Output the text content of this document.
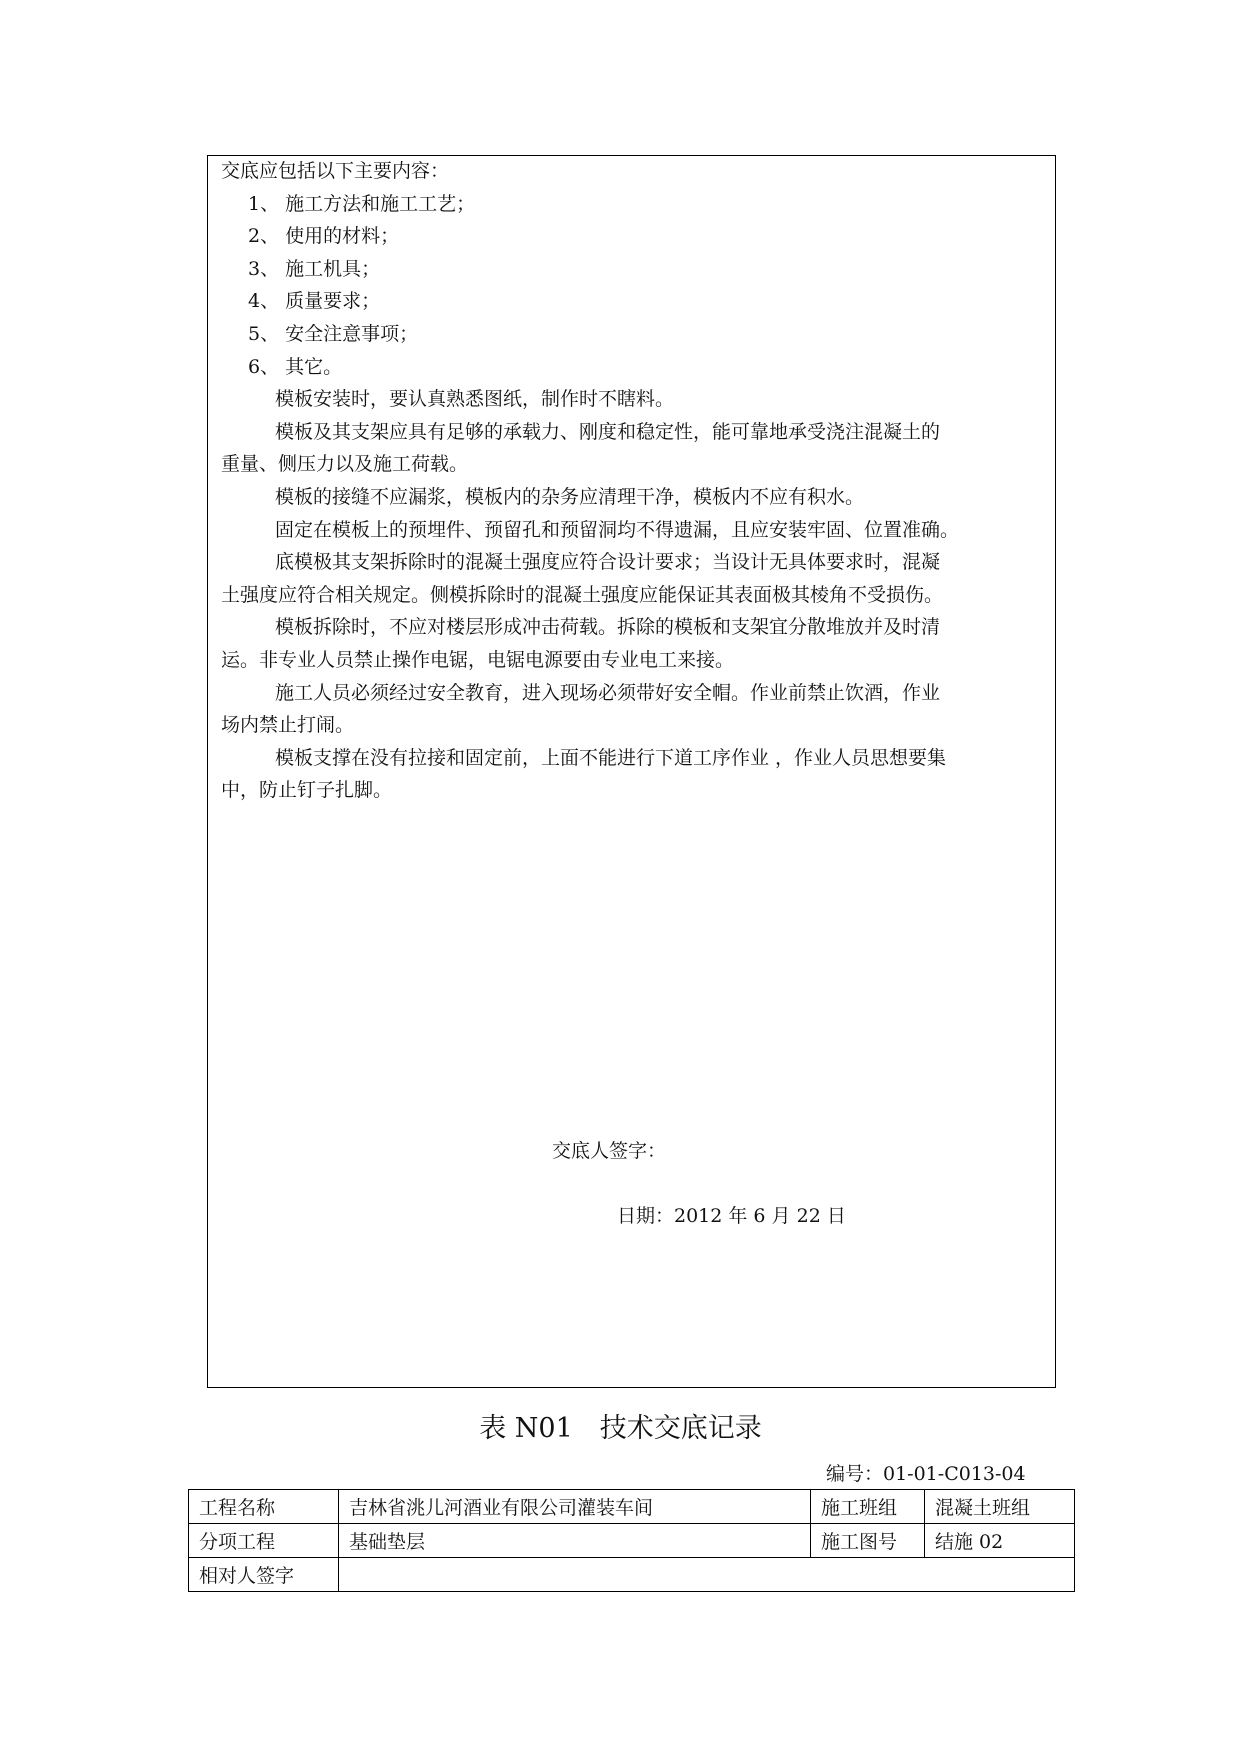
交底应包括以下主要内容：
1、 施工方法和施工工艺；
2、 使用的材料；
3、 施工机具；
4、 质量要求；
5、 安全注意事项；
6、 其它。
模板安装时，要认真熟悉图纸，制作时不瞎料。
模板及其支架应具有足够的承载力、刚度和稳定性，能可靠地承受浇注混凝土的
重量、侧压力以及施工荷载。
模板的接缝不应漏浆，模板内的杂务应清理干净，模板内不应有积水。
固定在模板上的预埋件、预留孔和预留洞均不得遗漏，且应安装牢固、位置准确。
底模极其支架拆除时的混凝土强度应符合设计要求；当设计无具体要求时，混凝
土强度应符合相关规定。侧模拆除时的混凝土强度应能保证其表面极其棱角不受损伤。
模板拆除时，不应对楼层形成冲击荷载。拆除的模板和支架宜分散堆放并及时清
运。非专业人员禁止操作电锯，电锯电源要由专业电工来接。
施工人员必须经过安全教育，进入现场必须带好安全帽。作业前禁止饮酒，作业
场内禁止打闹。
模板支撑在没有拉接和固定前，上面不能进行下道工序作业 ，作业人员思想要集
中，防止钉子扎脚。
交底人签字：
日期：2012 年 6 月 22 日
表 N01　技术交底记录
编号：01-01-C013-04
工程名称	吉林省洮儿河酒业有限公司灌装车间	施工班组	混凝土班组
分项工程	基础垫层	施工图号	结施 02
相对人签字			
